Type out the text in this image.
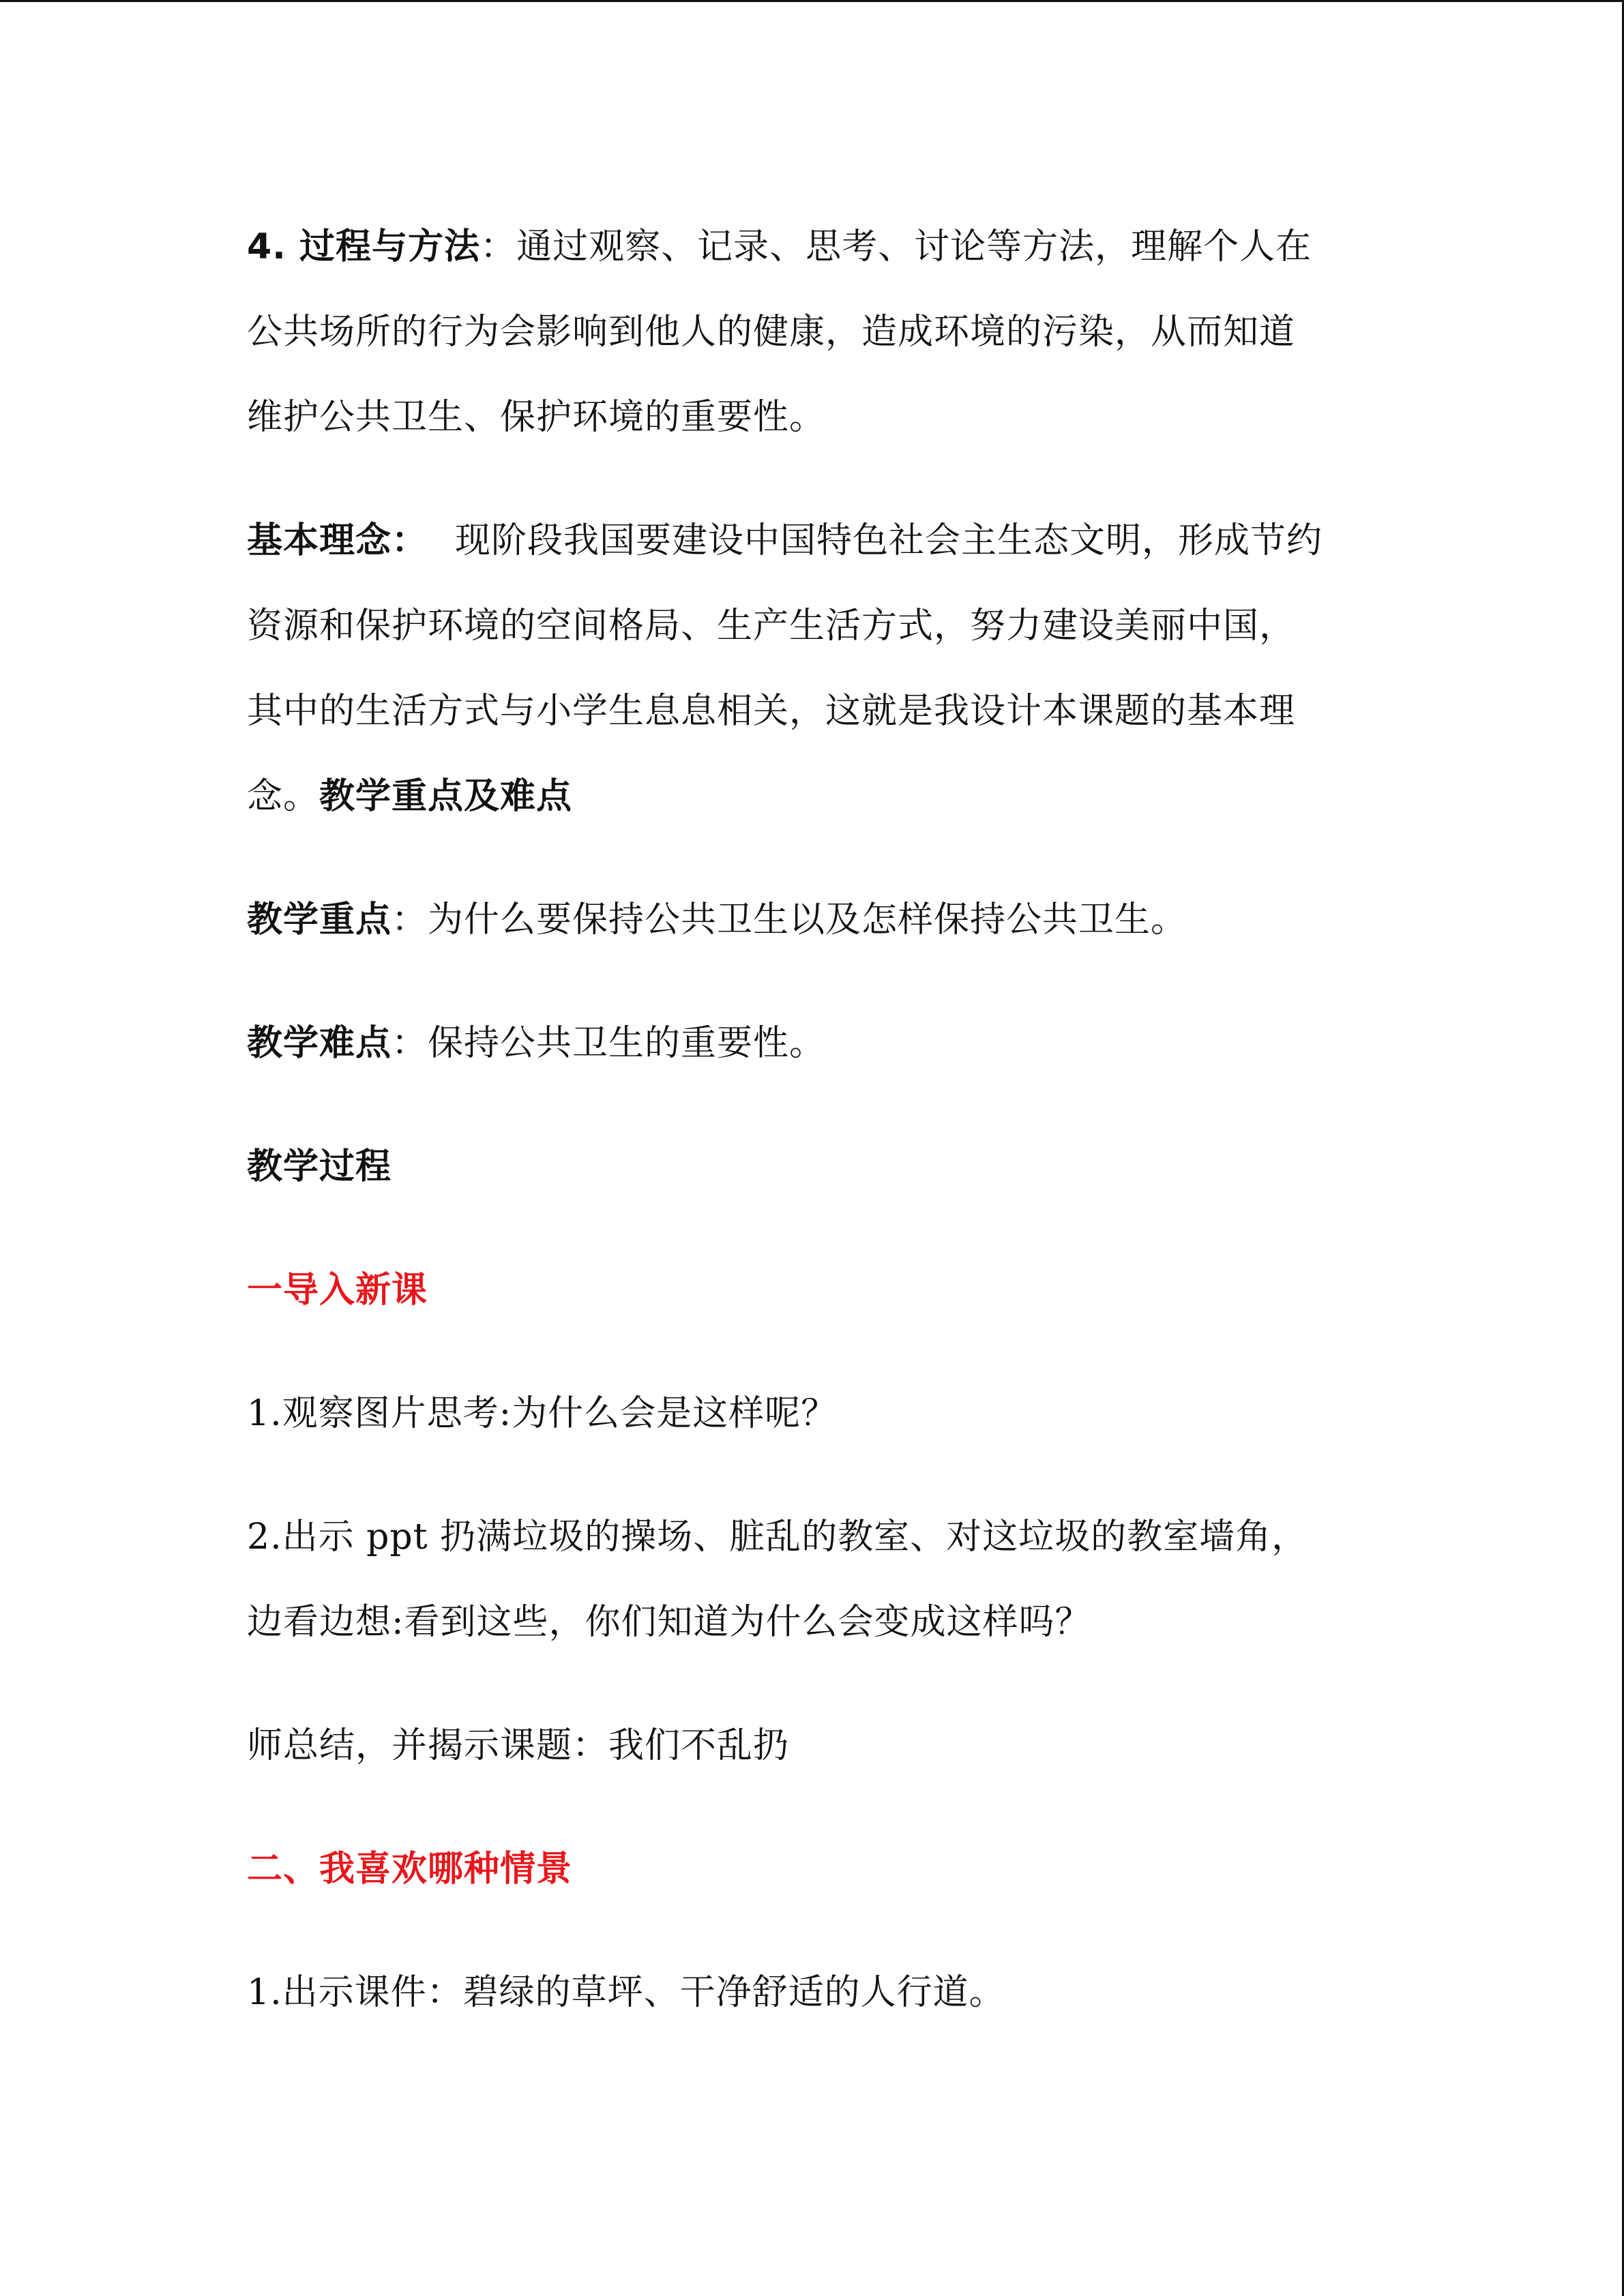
4. 过程与方法：通过观察、记录、思考、讨论等方法，理解个人在

公共场所的行为会影响到他人的健康，造成环境的污染，从而知道

维护公共卫生、保护环境的重要性。

基本理念： 现阶段我国要建设中国特色社会主生态文明，形成节约

资源和保护环境的空间格局、生产生活方式，努力建设美丽中国，

其中的生活方式与小学生息息相关，这就是我设计本课题的基本理

念。教学重点及难点

教学重点：为什么要保持公共卫生以及怎样保持公共卫生。

教学难点：保持公共卫生的重要性。

教学过程

一导入新课

1.观察图片思考:为什么会是这样呢？

2.出示 ppt 扔满垃圾的操场、脏乱的教室、对这垃圾的教室墙角，

边看边想:看到这些，你们知道为什么会变成这样吗？

师总结，并揭示课题：我们不乱扔

二、我喜欢哪种情景

1.出示课件：碧绿的草坪、干净舒适的人行道。
